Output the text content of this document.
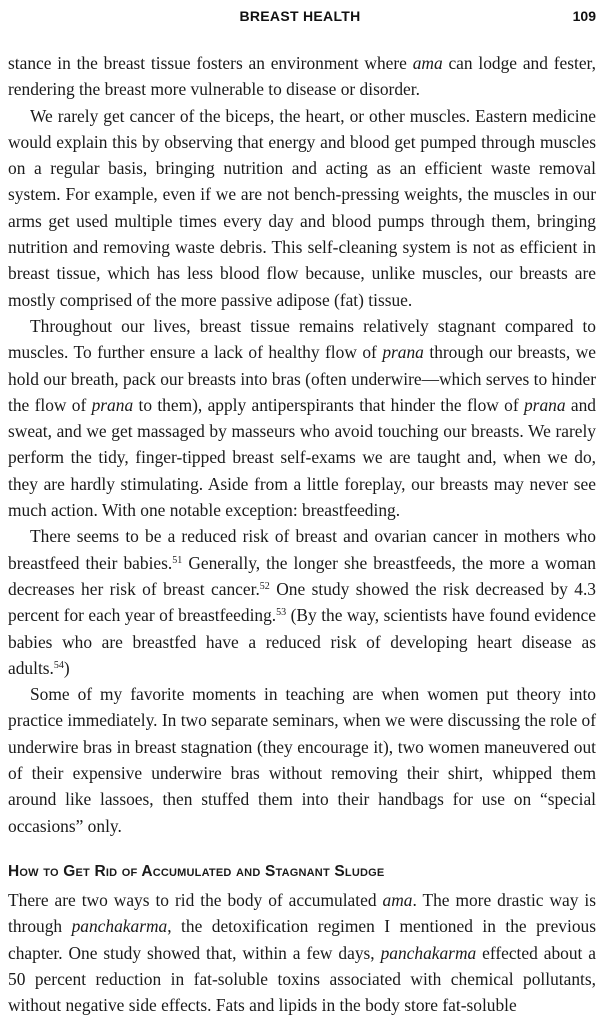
BREAST HEALTH	109

stance in the breast tissue fosters an environment where ama can lodge and fester, rendering the breast more vulnerable to disease or disorder.

We rarely get cancer of the biceps, the heart, or other muscles. Eastern medicine would explain this by observing that energy and blood get pumped through muscles on a regular basis, bringing nutrition and acting as an efficient waste removal system. For example, even if we are not bench-pressing weights, the muscles in our arms get used multiple times every day and blood pumps through them, bringing nutrition and removing waste debris. This self-cleaning system is not as efficient in breast tissue, which has less blood flow because, unlike muscles, our breasts are mostly comprised of the more passive adipose (fat) tissue.

Throughout our lives, breast tissue remains relatively stagnant compared to muscles. To further ensure a lack of healthy flow of prana through our breasts, we hold our breath, pack our breasts into bras (often underwire—which serves to hinder the flow of prana to them), apply antiperspirants that hinder the flow of prana and sweat, and we get massaged by masseurs who avoid touching our breasts. We rarely perform the tidy, finger-tipped breast self-exams we are taught and, when we do, they are hardly stimulating. Aside from a little foreplay, our breasts may never see much action. With one notable exception: breastfeeding.

There seems to be a reduced risk of breast and ovarian cancer in mothers who breastfeed their babies.$^{51}$ Generally, the longer she breastfeeds, the more a woman decreases her risk of breast cancer.$^{52}$ One study showed the risk decreased by 4.3 percent for each year of breastfeeding.$^{53}$ (By the way, scientists have found evidence babies who are breastfed have a reduced risk of developing heart disease as adults.$^{54}$)

Some of my favorite moments in teaching are when women put theory into practice immediately. In two separate seminars, when we were discussing the role of underwire bras in breast stagnation (they encourage it), two women maneuvered out of their expensive underwire bras without removing their shirt, whipped them around like lassoes, then stuffed them into their handbags for use on “special occasions” only.

How to Get Rid of Accumulated and Stagnant Sludge

There are two ways to rid the body of accumulated ama. The more drastic way is through panchakarma, the detoxification regimen I mentioned in the previous chapter. One study showed that, within a few days, panchakarma effected about a 50 percent reduction in fat-soluble toxins associated with chemical pollutants, without negative side effects. Fats and lipids in the body store fat-soluble
